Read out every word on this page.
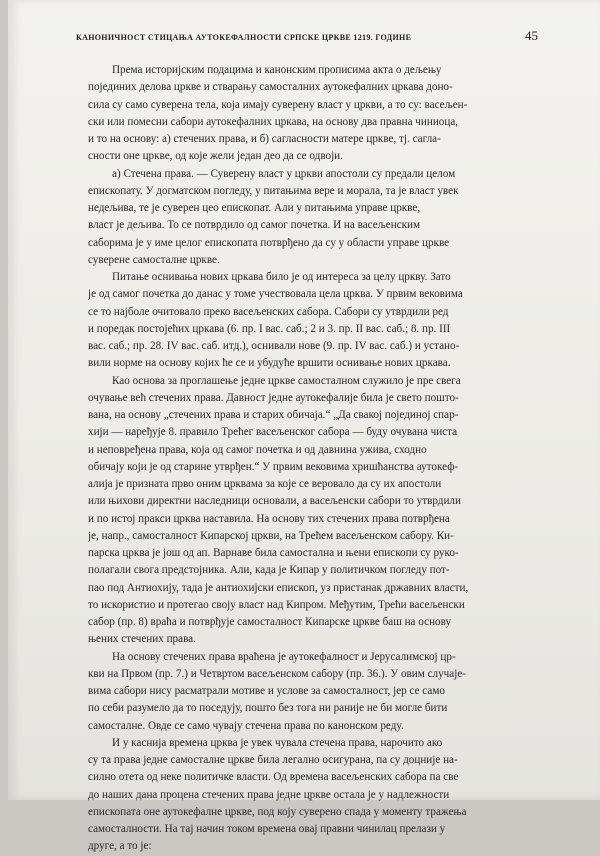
КАНОНИЧНОСТ СТИЦАЊА АУТОКЕФАЛНОСТИ СРПСКЕ ЦРКВЕ 1219. ГОДИНЕ	45

Према историјским подацима и канонским прописима акта о дељењу
појединих делова цркве и стварању самосталних аутокефалних цркава доно-
сила су само суверена тела, која имају суверену власт у цркви, а то су: васељен-
ски или помесни сабори аутокефалних цркава, на основу два правна чиниоца,
и то на основу: а) стечених права, и б) сагласности матере цркве, тј. сагла-
сности оне цркве, од које жели један део да се одвоји.

а) Стечена права. — Суверену власт у цркви апостоли су предали целом
епископату. У догматском погледу, у питањима вере и морала, та је власт увек
недељива, те је суверен цео епископат. Али у питањима управе цркве,
власт је дељива. То се потврдило од самог почетка. И на васељенским
саборима је у име целог епископата потврђено да су у области управе цркве
суверене самосталне цркве.

Питање оснивања нових цркава било је од интереса за целу цркву. Зато
је од самог почетка до данас у томе учествовала цела црква. У првим вековима
се то најболе очитовало преко васељенских сабора. Сабори су утврдили ред
и поредак постојећих цркава (6. пр. I вас. саб.; 2 и 3. пр. II вас. саб.; 8. пр. III
вас. саб.; пр. 28. IV вас. саб. итд.), оснивали нове (9. пр. IV вас. саб.) и устано-
вили норме на основу којих ће се и убудуће вршити оснивање нових цркава.

Као основа за проглашење једне цркве самосталном служило је пре свега
очување већ стечених права. Давност једне аутокефалије била је свето пошто-
вана, на основу „стечених права и старих обичаја.“ „Да свакој појединој спар-
хији — наређује 8. правило Трећег васељенског сабора — буду очувана чиста
и неповређена права, која од самог почетка и од давнина ужива, сходно
обичају који је од старине утврђен.“ У првим вековима хришћанства аутокеф-
алија је призната прво оним црквама за које се веровало да су их апостоли
или њихови директни наследници основали, а васељенски сабори то утврдили
и по истој пракси црква наставила. На основу тих стечених права потврђена
је, напр., самосталност Кипарској цркви, на Трећем васељенском сабору. Ки-
парска црква је још од ап. Варнаве била самостална и њени епископи су руко-
полагали свога предстојника. Али, када је Кипар у политичком погледу пот-
пао под Антиохију, тада је антиохијски епископ, уз пристанак државних власти,
то искористио и протегао своју власт над Кипром. Међутим, Трећи васељенски
сабор (пр. 8) враћа и потврђује самосталност Кипарске цркве баш на основу
њених стечених права.

На основу стечених права враћена је аутокефалност и Јерусалимској цр-
кви на Првом (пр. 7.) и Четвртом васељенском сабору (пр. 36.). У овим случаје-
вима сабори нису расматрали мотиве и услове за самосталност, јер се само
по себи разумело да то поседују, пошто без тога ни раније не би могле бити
самосталне. Овде се само чувају стечена права по канонском реду.

И у каснија времена црква је увек чувала стечена права, нарочито ако
су та права једне самосталне цркве била легално осигурана, па су доцније на-
силно отета од неке политичке власти. Од времена васељенских сабора па све
до наших дана процена стечених права једне цркве остала је у надлежности
епископата оне аутокефалне цркве, под коју суверено спада у моменту тражења
самосталности. На тај начин током времена овај правни чинилац прелази у
друге, а то је:
